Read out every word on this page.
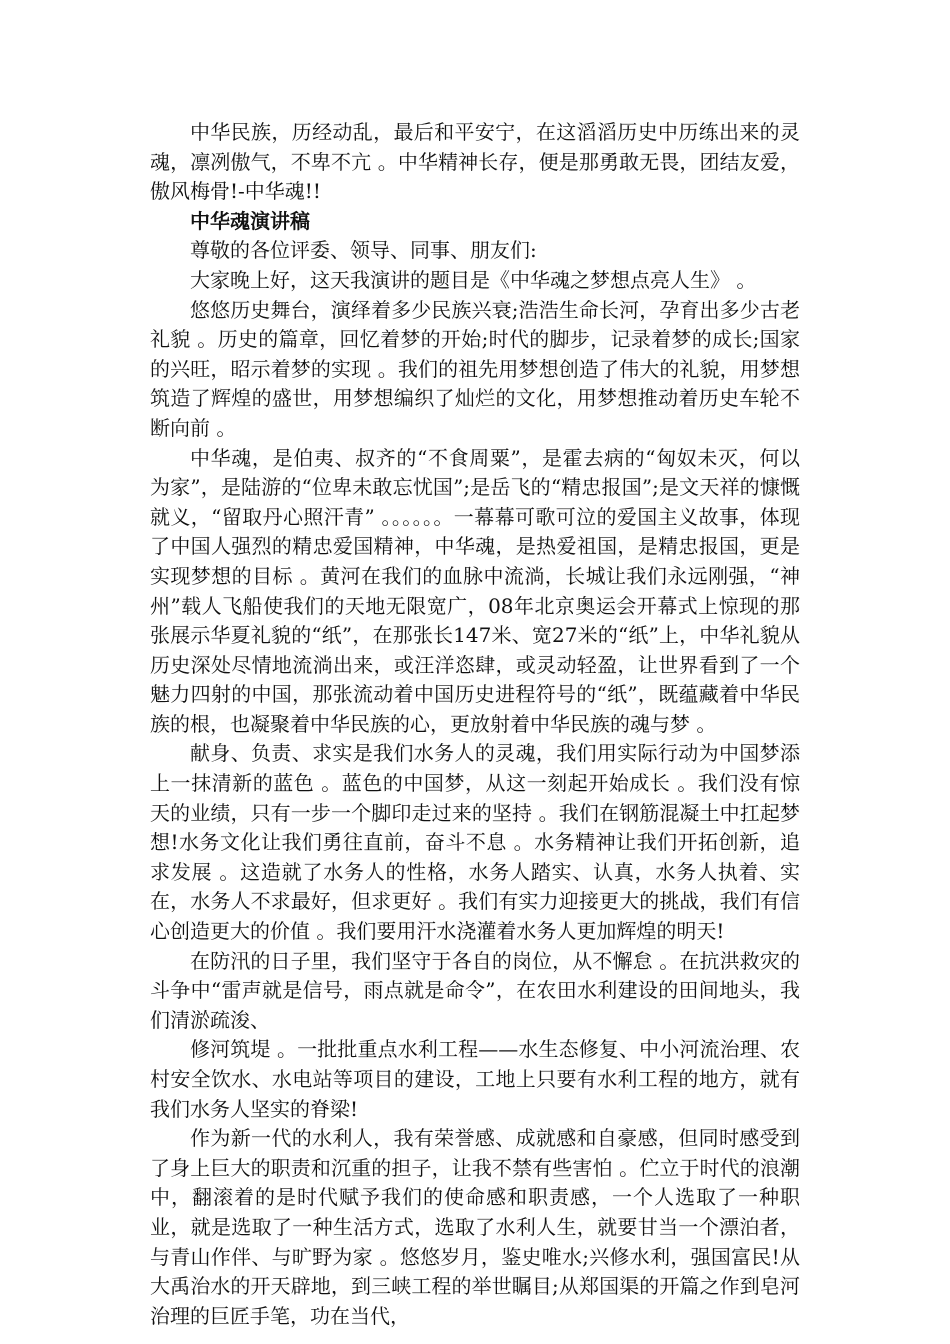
中华民族，历经动乱，最后和平安宁，在这滔滔历史中历练出来的灵魂，凛冽傲气，不卑不亢 。中华精神长存，便是那勇敢无畏，团结友爱，傲风梅骨!-中华魂!!

中华魂演讲稿

尊敬的各位评委、领导、同事、朋友们:

大家晚上好，这天我演讲的题目是《中华魂之梦想点亮人生》 。

悠悠历史舞台，演绎着多少民族兴衰;浩浩生命长河，孕育出多少古老礼貌 。历史的篇章，回忆着梦的开始;时代的脚步，记录着梦的成长;国家的兴旺，昭示着梦的实现 。我们的祖先用梦想创造了伟大的礼貌，用梦想筑造了辉煌的盛世，用梦想编织了灿烂的文化，用梦想推动着历史车轮不断向前 。

中华魂，是伯夷、叔齐的“不食周粟”，是霍去病的“匈奴未灭，何以为家”，是陆游的“位卑未敢忘忧国”;是岳飞的“精忠报国”;是文天祥的慷慨就义，“留取丹心照汗青” 。。。。。。一幕幕可歌可泣的爱国主义故事，体现了中国人强烈的精忠爱国精神，中华魂，是热爱祖国，是精忠报国，更是实现梦想的目标 。黄河在我们的血脉中流淌，长城让我们永远刚强，“神州”载人飞船使我们的天地无限宽广，08年北京奥运会开幕式上惊现的那张展示华夏礼貌的“纸”，在那张长147米、宽27米的“纸”上，中华礼貌从历史深处尽情地流淌出来，或汪洋恣肆，或灵动轻盈，让世界看到了一个魅力四射的中国，那张流动着中国历史进程符号的“纸”，既蕴藏着中华民族的根，也凝聚着中华民族的心，更放射着中华民族的魂与梦 。

献身、负责、求实是我们水务人的灵魂，我们用实际行动为中国梦添上一抹清新的蓝色 。蓝色的中国梦，从这一刻起开始成长 。我们没有惊天的业绩，只有一步一个脚印走过来的坚持 。我们在钢筋混凝土中扛起梦想!水务文化让我们勇往直前，奋斗不息 。水务精神让我们开拓创新，追求发展 。这造就了水务人的性格，水务人踏实、认真，水务人执着、实在，水务人不求最好，但求更好 。我们有实力迎接更大的挑战，我们有信心创造更大的价值 。我们要用汗水浇灌着水务人更加辉煌的明天!

在防汛的日子里，我们坚守于各自的岗位，从不懈怠 。在抗洪救灾的斗争中“雷声就是信号，雨点就是命令”，在农田水利建设的田间地头，我们清淤疏浚、

修河筑堤 。一批批重点水利工程——水生态修复、中小河流治理、农村安全饮水、水电站等项目的建设，工地上只要有水利工程的地方，就有我们水务人坚实的脊梁!

作为新一代的水利人，我有荣誉感、成就感和自豪感，但同时感受到了身上巨大的职责和沉重的担子，让我不禁有些害怕 。伫立于时代的浪潮中，翻滚着的是时代赋予我们的使命感和职责感，一个人选取了一种职业，就是选取了一种生活方式，选取了水利人生，就要甘当一个漂泊者，与青山作伴、与旷野为家 。悠悠岁月，鉴史唯水;兴修水利，强国富民!从大禹治水的开天辟地，到三峡工程的举世瞩目;从郑国渠的开篇之作到皂河治理的巨匠手笔，功在当代，
